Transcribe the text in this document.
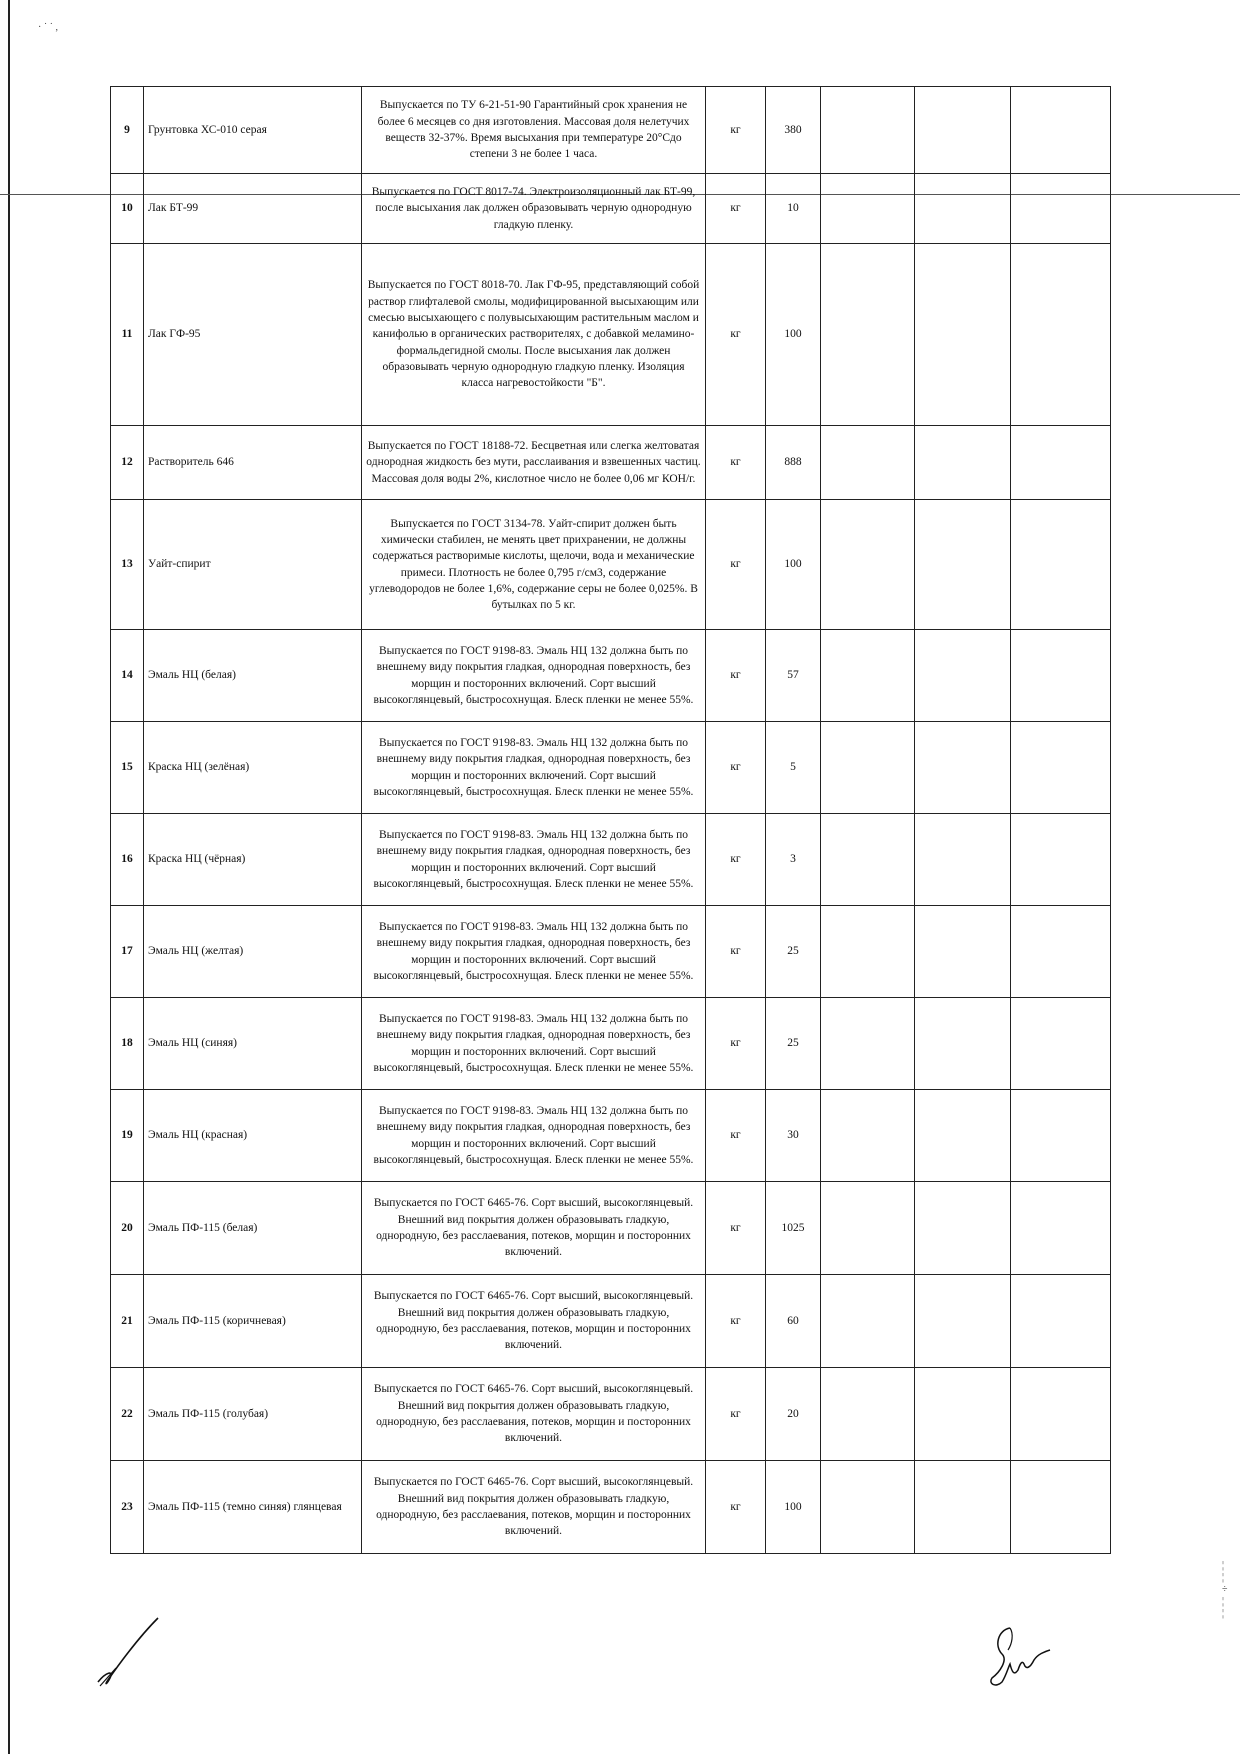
· ˙ ˙ ,
9	Грунтовка ХС-010 серая	Выпускается по ТУ 6-21-51-90 Гарантийный срок хранения не более 6 месяцев со дня изготовления. Массовая доля нелетучих веществ 32-37%. Время высыхания при температуре 20°Сдо степени 3 не более 1 часа.	кг	380			
10	Лак БТ-99	Выпускается по ГОСТ 8017-74. Электроизоляционный лак БТ-99, после высыхания лак должен образовывать черную однородную гладкую пленку.	кг	10			
11	Лак ГФ-95	Выпускается по ГОСТ 8018-70. Лак ГФ-95, представляющий собой раствор глифталевой смолы, модифицированной высыхающим или смесью высыхающего с полувысыхающим растительным маслом и канифолью в органических растворителях, с добавкой меламино-формальдегидной смолы. После высыхания лак должен образовывать черную однородную гладкую пленку. Изоляция класса нагревостойкости "Б".	кг	100			
12	Растворитель 646	Выпускается по ГОСТ 18188-72. Бесцветная или слегка желтоватая однородная жидкость без мути, расслаивания и взвешенных частиц. Массовая доля воды 2%, кислотное число не более 0,06 мг КОН/г.	кг	888			
13	Уайт-спирит	Выпускается по ГОСТ 3134-78. Уайт-спирит должен быть химически стабилен, не менять цвет прихранении, не должны содержаться растворимые кислоты, щелочи, вода и механические примеси. Плотность не более 0,795 г/см3, содержание углеводородов не более 1,6%, содержание серы не более 0,025%. В бутылках по 5 кг.	кг	100			
14	Эмаль НЦ (белая)	Выпускается по ГОСТ 9198-83. Эмаль НЦ 132 должна быть по внешнему виду покрытия гладкая, однородная поверхность, без морщин и посторонних включений. Сорт высший высокоглянцевый, быстросохнущая. Блеск пленки не менее 55%.	кг	57			
15	Краска НЦ (зелёная)	Выпускается по ГОСТ 9198-83. Эмаль НЦ 132 должна быть по внешнему виду покрытия гладкая, однородная поверхность, без морщин и посторонних включений. Сорт высший высокоглянцевый, быстросохнущая. Блеск пленки не менее 55%.	кг	5			
16	Краска НЦ (чёрная)	Выпускается по ГОСТ 9198-83. Эмаль НЦ 132 должна быть по внешнему виду покрытия гладкая, однородная поверхность, без морщин и посторонних включений. Сорт высший высокоглянцевый, быстросохнущая. Блеск пленки не менее 55%.	кг	3			
17	Эмаль НЦ (желтая)	Выпускается по ГОСТ 9198-83. Эмаль НЦ 132 должна быть по внешнему виду покрытия гладкая, однородная поверхность, без морщин и посторонних включений. Сорт высший высокоглянцевый, быстросохнущая. Блеск пленки не менее 55%.	кг	25			
18	Эмаль НЦ (синяя)	Выпускается по ГОСТ 9198-83. Эмаль НЦ 132 должна быть по внешнему виду покрытия гладкая, однородная поверхность, без морщин и посторонних включений. Сорт высший высокоглянцевый, быстросохнущая. Блеск пленки не менее 55%.	кг	25			
19	Эмаль НЦ (красная)	Выпускается по ГОСТ 9198-83. Эмаль НЦ 132 должна быть по внешнему виду покрытия гладкая, однородная поверхность, без морщин и посторонних включений. Сорт высший высокоглянцевый, быстросохнущая. Блеск пленки не менее 55%.	кг	30			
20	Эмаль ПФ-115 (белая)	Выпускается по ГОСТ 6465-76. Сорт высший, высокоглянцевый. Внешний вид покрытия должен образовывать гладкую, однородную, без расслаевания, потеков, морщин и посторонних включений.	кг	1025			
21	Эмаль ПФ-115 (коричневая)	Выпускается по ГОСТ 6465-76. Сорт высший, высокоглянцевый. Внешний вид покрытия должен образовывать гладкую, однородную, без расслаевания, потеков, морщин и посторонних включений.	кг	60			
22	Эмаль ПФ-115 (голубая)	Выпускается по ГОСТ 6465-76. Сорт высший, высокоглянцевый. Внешний вид покрытия должен образовывать гладкую, однородную, без расслаевания, потеков, морщин и посторонних включений.	кг	20			
23	Эмаль ПФ-115 (темно синяя) глянцевая	Выпускается по ГОСТ 6465-76. Сорт высший, высокоглянцевый. Внешний вид покрытия должен образовывать гладкую, однородную, без расслаевания, потеков, морщин и посторонних включений.	кг	100			
¦
¦
÷
¦
¦
